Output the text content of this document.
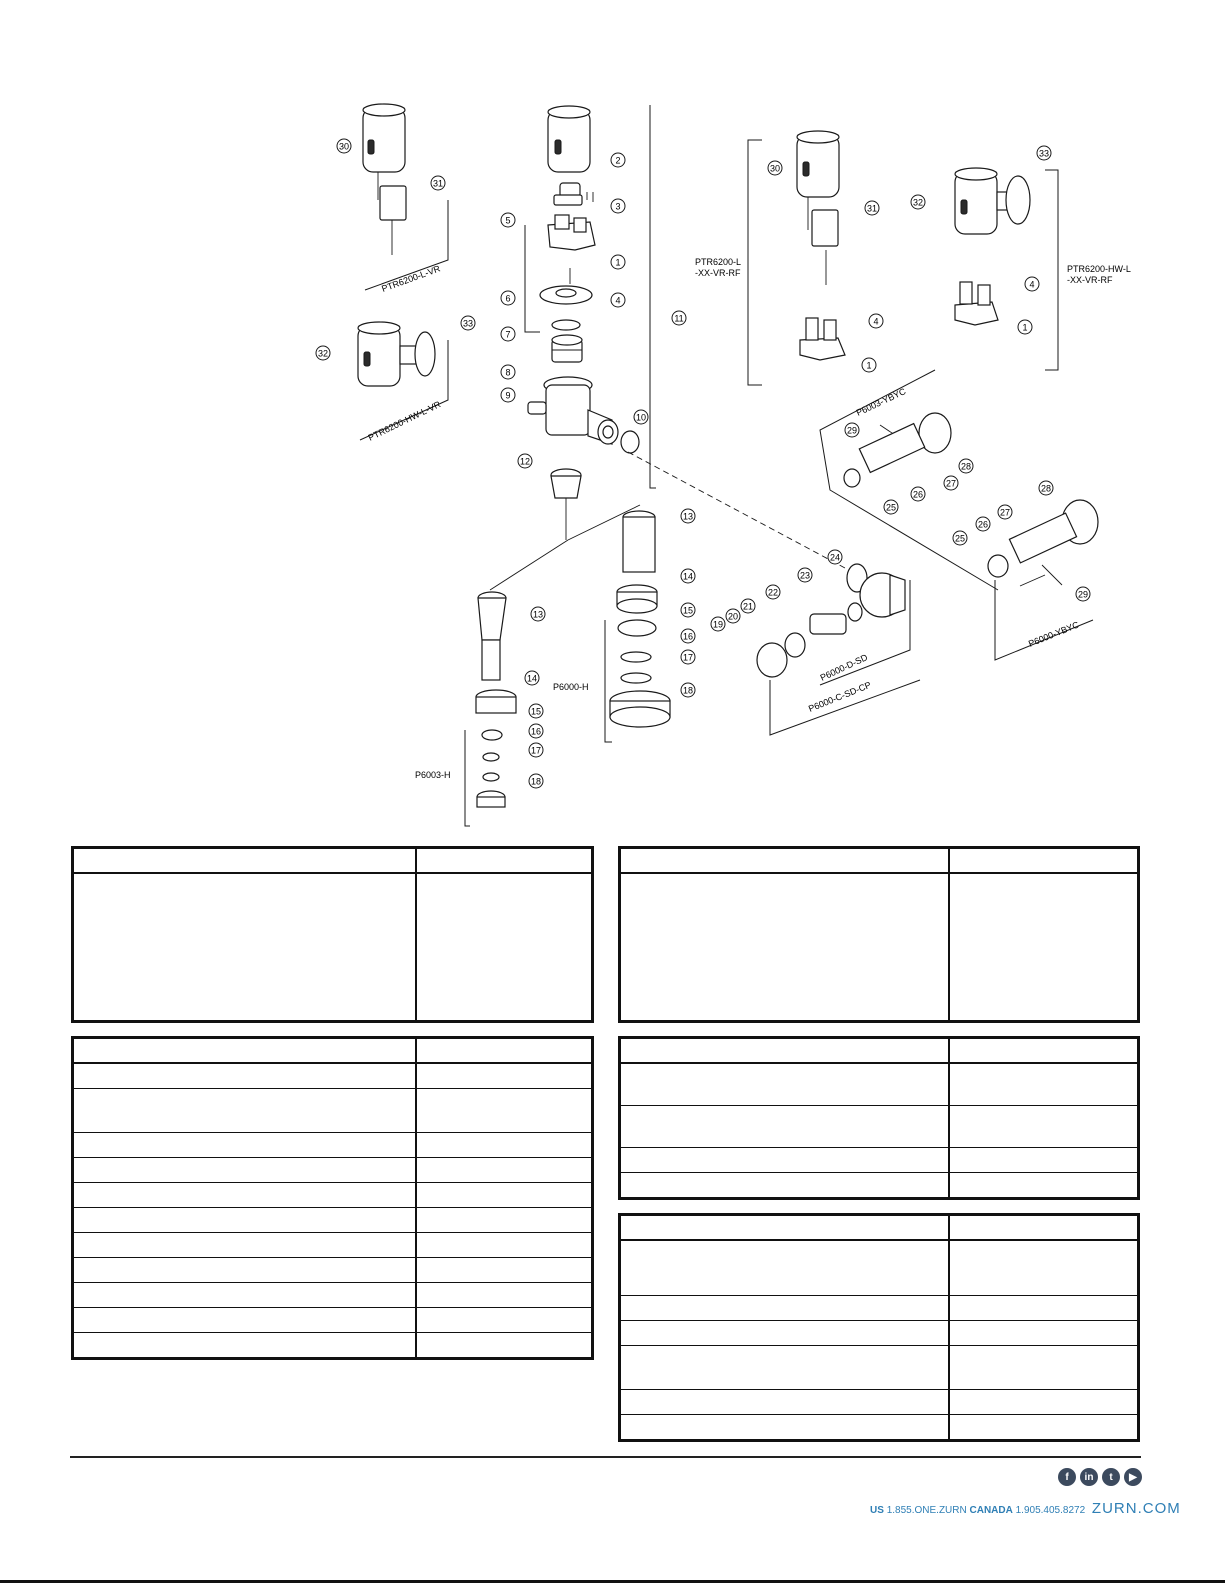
1
2
3
4
5
6
7
8
9
10
11
12
13
14
15
16
17
18
19
20
21
22
23
24
25
26
27
28
29
30
31
32
33
13
14
15
16
17
18
30
31
4
1
32
33
4
1
25
26
27
28
29
PTR6200-L-VR
PTR6200-HW-L-VR
PTR6200-L
-XX-VR-RF	PTR6200-HW-L
-XX-VR-RF
P6003-YBYC
P6000-YBYC
P6000-D-SD
P6000-C-SD-CP
P6000-H
P6003-H
f	in	t	▶
US 1.855.ONE.ZURN CANADA 1.905.405.8272 ZURN.COM
